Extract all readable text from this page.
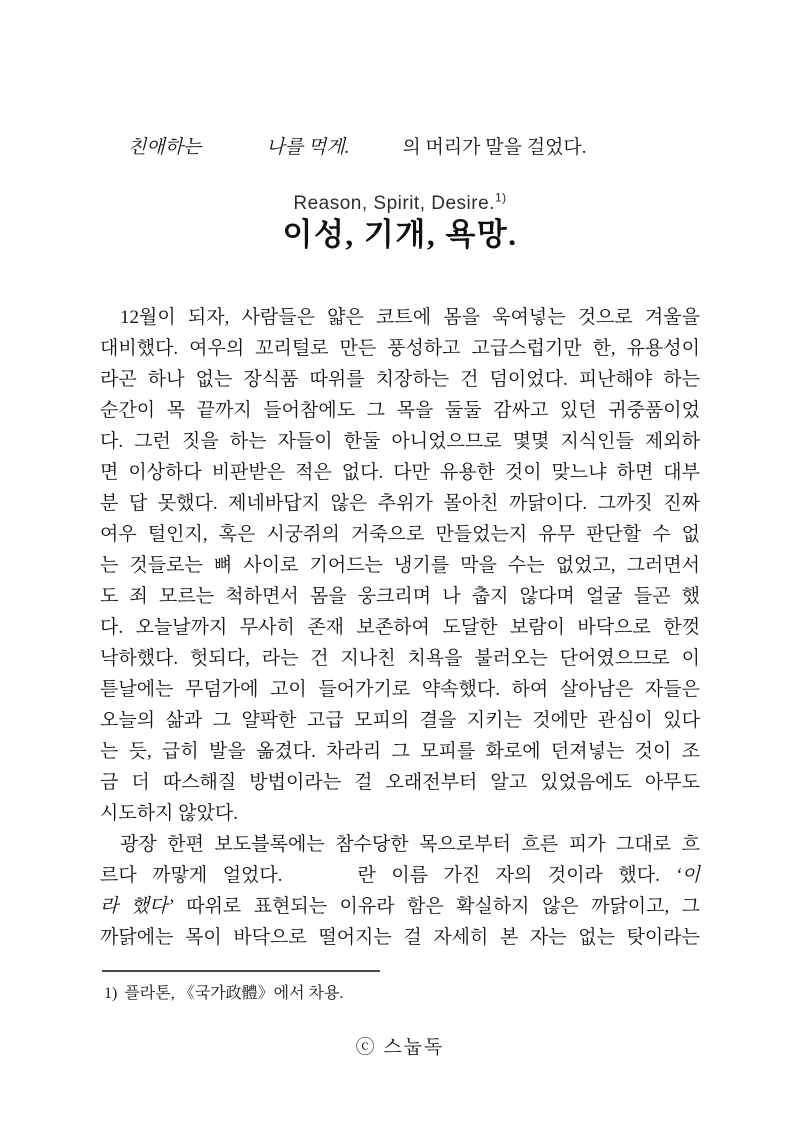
친애하는	나를 먹게.	의 머리가 말을 걸었다.
Reason, Spirit, Desire.$^{1)}$
이성, 기개, 욕망.
12월이 되자, 사람들은 얇은 코트에 몸을 욱여넣는 것으로 겨울을
대비했다. 여우의 꼬리털로 만든 풍성하고 고급스럽기만 한, 유용성이
라곤 하나 없는 장식품 따위를 치장하는 건 덤이었다. 피난해야 하는
순간이 목 끝까지 들어참에도 그 목을 둘둘 감싸고 있던 귀중품이었
다. 그런 짓을 하는 자들이 한둘 아니었으므로 몇몇 지식인들 제외하
면 이상하다 비판받은 적은 없다. 다만 유용한 것이 맞느냐 하면 대부
분 답 못했다. 제네바답지 않은 추위가 몰아친 까닭이다. 그까짓 진짜
여우 털인지, 혹은 시궁쥐의 거죽으로 만들었는지 유무 판단할 수 없
는 것들로는 뼈 사이로 기어드는 냉기를 막을 수는 없었고, 그러면서
도 죄 모르는 척하면서 몸을 웅크리며 나 춥지 않다며 얼굴 들곤 했
다. 오늘날까지 무사히 존재 보존하여 도달한 보람이 바닥으로 한껏
낙하했다. 헛되다, 라는 건 지나친 치욕을 불러오는 단어였으므로 이
튿날에는 무덤가에 고이 들어가기로 약속했다. 하여 살아남은 자들은
오늘의 삶과 그 얄팍한 고급 모피의 결을 지키는 것에만 관심이 있다
는 듯, 급히 발을 옮겼다. 차라리 그 모피를 화로에 던져넣는 것이 조
금 더 따스해질 방법이라는 걸 오래전부터 알고 있었음에도 아무도
시도하지 않았다.
광장 한편 보도블록에는 참수당한 목으로부터 흐른 피가 그대로 흐
르다 까맣게 얼었다.	란 이름 가진 자의 것이라 했다. ‘이
라 했다’ 따위로 표현되는 이유라 함은 확실하지 않은 까닭이고, 그
까닭에는 목이 바닥으로 떨어지는 걸 자세히 본 자는 없는 탓이라는
1) 플라톤, 《국가政體》에서 차용.
ⓒ 스눕독
